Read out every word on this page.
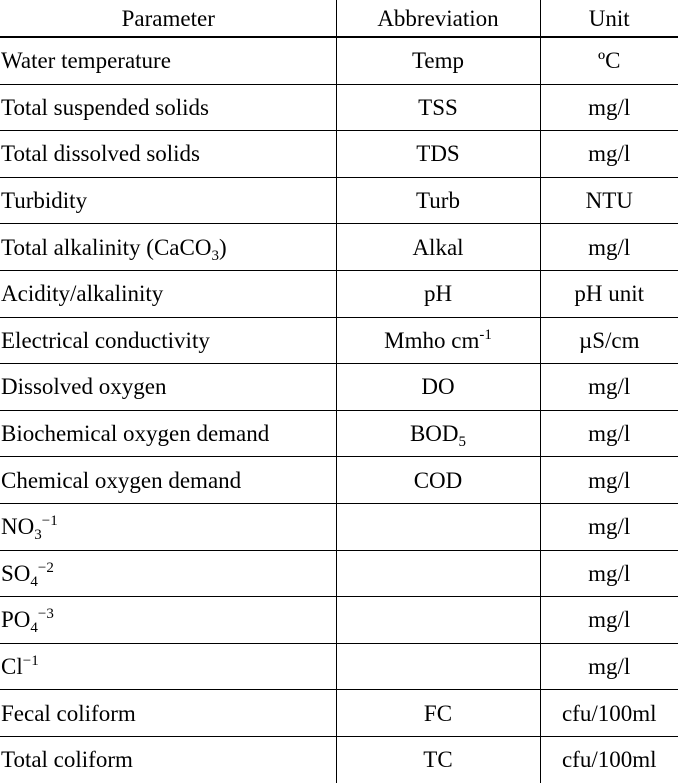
Parameter	Abbreviation	Unit
Water temperature	Temp	ºC
Total suspended solids	TSS	mg/l
Total dissolved solids	TDS	mg/l
Turbidity	Turb	NTU
Total alkalinity (CaCO$_3$)	Alkal	mg/l
Acidity/alkalinity	pH	pH unit
Electrical conductivity	Mmho $cm^{-1}$	µS/cm
Dissolved oxygen	DO	mg/l
Biochemical oxygen demand	$BOD_5$	mg/l
Chemical oxygen demand	COD	mg/l
$NO_3^{-1}$		mg/l
$SO_4^{-2}$		mg/l
$PO_4^{-3}$		mg/l
$Cl^{-1}$		mg/l
Fecal coliform	FC	cfu/100ml
Total coliform	TC	cfu/100ml
